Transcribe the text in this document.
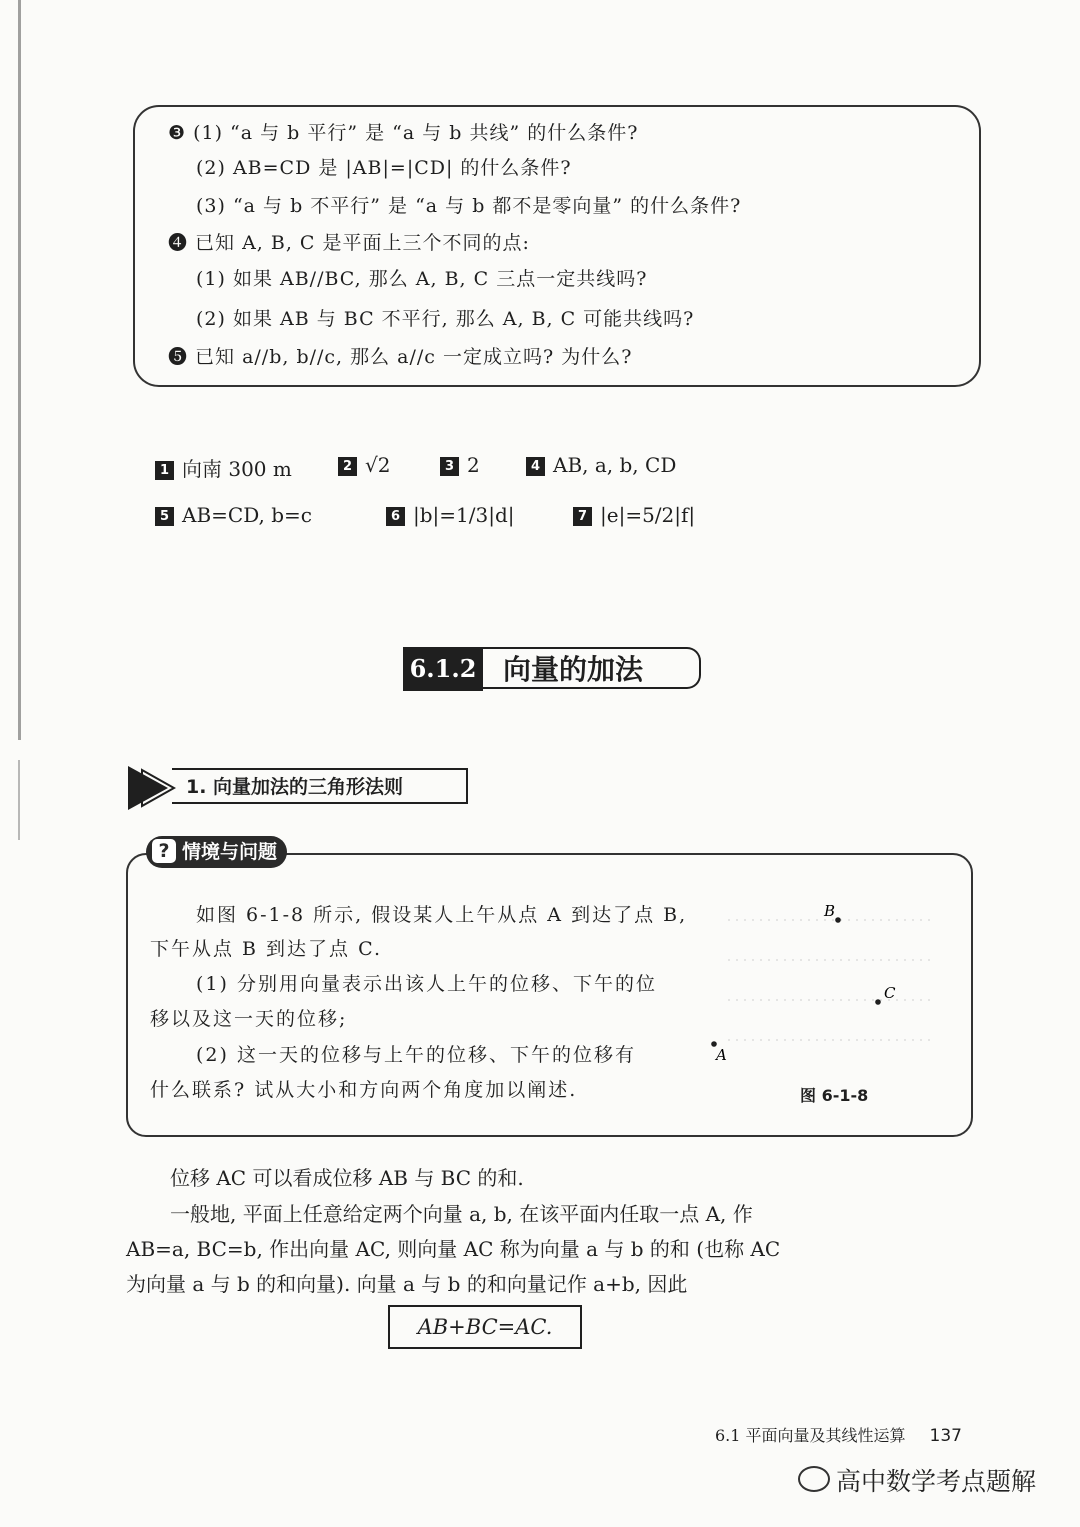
❸ (1) “a 与 b 平行” 是 “a 与 b 共线” 的什么条件?
(2) AB=CD 是 |AB|=|CD| 的什么条件?
(3) “a 与 b 不平行” 是 “a 与 b 都不是零向量” 的什么条件?
❹ 已知 A, B, C 是平面上三个不同的点:
(1) 如果 AB//BC, 那么 A, B, C 三点一定共线吗?
(2) 如果 AB 与 BC 不平行, 那么 A, B, C 可能共线吗?
❺ 已知 a//b, b//c, 那么 a//c 一定成立吗? 为什么?
1 向南 300 m	2 √2	3 2	4 AB, a, b, CD
5 AB=CD, b=c	6 |b|=1/3|d|	7 |e|=5/2|f|
6.1.2 向量的加法
1. 向量加法的三角形法则
? 情境与问题
如图 6-1-8 所示, 假设某人上午从点 A 到达了点 B,
下午从点 B 到达了点 C.
(1) 分别用向量表示出该人上午的位移、下午的位
移以及这一天的位移;
(2) 这一天的位移与上午的位移、下午的位移有
什么联系? 试从大小和方向两个角度加以阐述.
B
C
A
图 6-1-8
位移 AC 可以看成位移 AB 与 BC 的和.
一般地, 平面上任意给定两个向量 a, b, 在该平面内任取一点 A, 作
AB=a, BC=b, 作出向量 AC, 则向量 AC 称为向量 a 与 b 的和 (也称 AC
为向量 a 与 b 的和向量). 向量 a 与 b 的和向量记作 a+b, 因此
AB+BC=AC.
6.1 平面向量及其线性运算 137
高中数学考点题解
